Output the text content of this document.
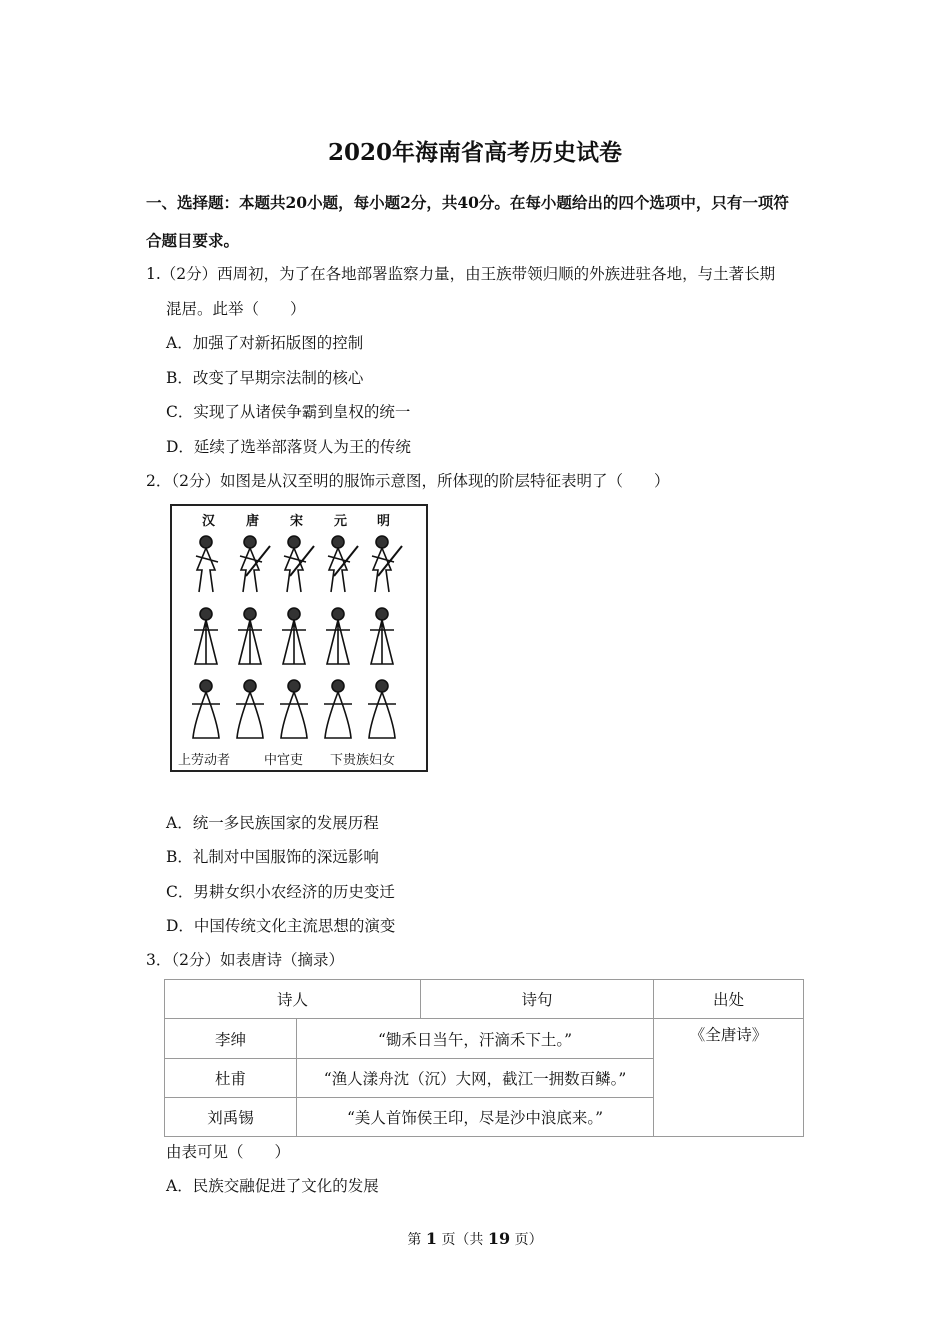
2020年海南省高考历史试卷
一、选择题：本题共20小题，每小题2分，共40分。在每小题给出的四个选项中，只有一项符
合题目要求。
1.（2分）西周初，为了在各地部署监察力量，由王族带领归顺的外族进驻各地，与土著长期
混居。此举（　　）
A．加强了对新拓版图的控制
B．改变了早期宗法制的核心
C．实现了从诸侯争霸到皇权的统一
D．延续了选举部落贤人为王的传统
2．（2分）如图是从汉至明的服饰示意图，所体现的阶层特征表明了（　　）
汉 唐 宋 元 明
上劳动者	中官吏 下贵族妇女
A．统一多民族国家的发展历程
B．礼制对中国服饰的深远影响
C．男耕女织小农经济的历史变迁
D．中国传统文化主流思想的演变
3．（2分）如表唐诗（摘录）
诗人	诗句	出处
李绅	“锄禾日当午，汗滴禾下土。”
杜甫	“渔人漾舟沈（沉）大网，截江一拥数百鳞。”
刘禹锡	“美人首饰侯王印，尽是沙中浪底来。”
《全唐诗》
由表可见（　　）
A．民族交融促进了文化的发展
第 1 页（共 19 页）
